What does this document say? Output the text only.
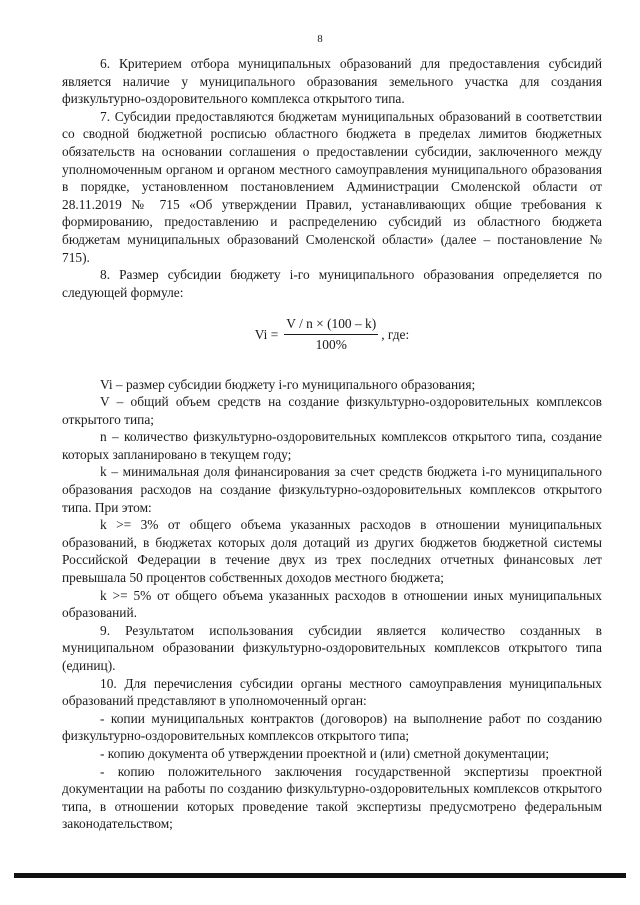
8

6. Критерием отбора муниципальных образований для предоставления субсидий является наличие у муниципального образования земельного участка для создания физкультурно-оздоровительного комплекса открытого типа.

7. Субсидии предоставляются бюджетам муниципальных образований в соответствии со сводной бюджетной росписью областного бюджета в пределах лимитов бюджетных обязательств на основании соглашения о предоставлении субсидии, заключенного между уполномоченным органом и органом местного самоуправления муниципального образования в порядке, установленном постановлением Администрации Смоленской области от 28.11.2019 № 715 «Об утверждении Правил, устанавливающих общие требования к формированию, предоставлению и распределению субсидий из областного бюджета бюджетам муниципальных образований Смоленской области» (далее – постановление № 715).

8. Размер субсидии бюджету i-го муниципального образования определяется по следующей формуле:

$Vi = \frac{V / n \times (100 - k)}{100\%}$ , где:

Vi – размер субсидии бюджету i-го муниципального образования;

V – общий объем средств на создание физкультурно-оздоровительных комплексов открытого типа;

n – количество физкультурно-оздоровительных комплексов открытого типа, создание которых запланировано в текущем году;

k – минимальная доля финансирования за счет средств бюджета i-го муниципального образования расходов на создание физкультурно-оздоровительных комплексов открытого типа. При этом:

k >= 3% от общего объема указанных расходов в отношении муниципальных образований, в бюджетах которых доля дотаций из других бюджетов бюджетной системы Российской Федерации в течение двух из трех последних отчетных финансовых лет превышала 50 процентов собственных доходов местного бюджета;

k >= 5% от общего объема указанных расходов в отношении иных муниципальных образований.

9. Результатом использования субсидии является количество созданных в муниципальном образовании физкультурно-оздоровительных комплексов открытого типа (единиц).

10. Для перечисления субсидии органы местного самоуправления муниципальных образований представляют в уполномоченный орган:

- копии муниципальных контрактов (договоров) на выполнение работ по созданию физкультурно-оздоровительных комплексов открытого типа;

- копию документа об утверждении проектной и (или) сметной документации;

- копию положительного заключения государственной экспертизы проектной документации на работы по созданию физкультурно-оздоровительных комплексов открытого типа, в отношении которых проведение такой экспертизы предусмотрено федеральным законодательством;
